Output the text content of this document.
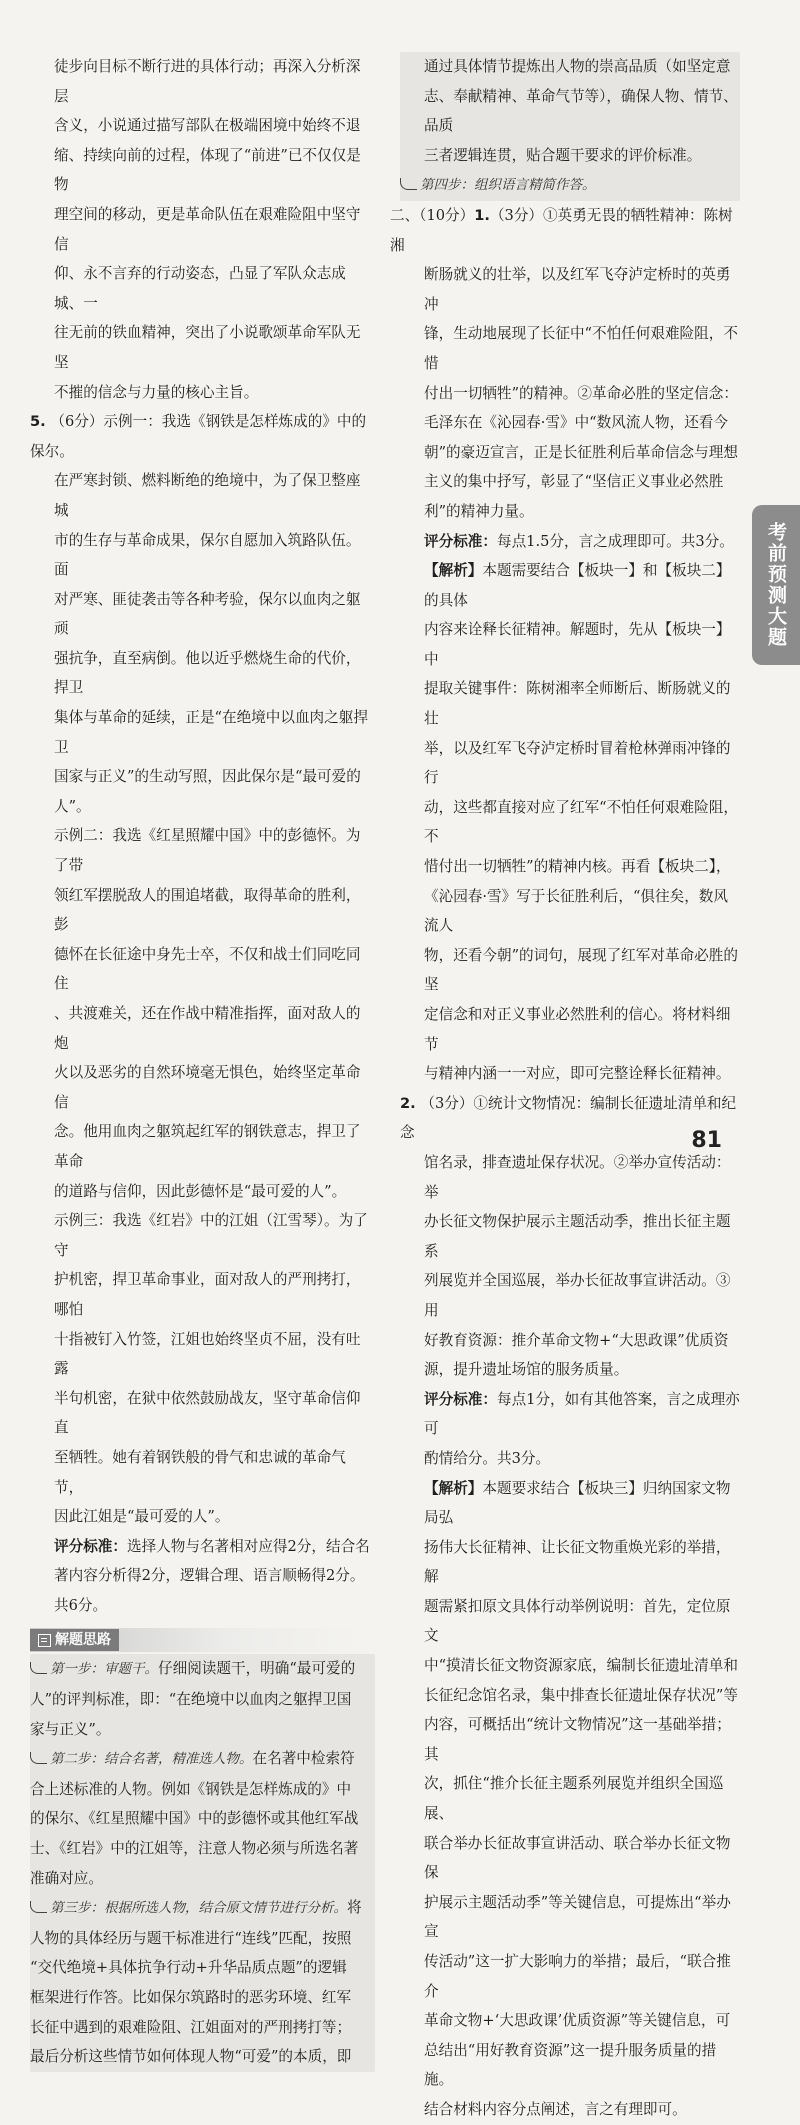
徒步向目标不断行进的具体行动；再深入分析深层
含义，小说通过描写部队在极端困境中始终不退
缩、持续向前的过程，体现了“前进”已不仅仅是物
理空间的移动，更是革命队伍在艰难险阻中坚守信
仰、永不言弃的行动姿态，凸显了军队众志成城、一
往无前的铁血精神，突出了小说歌颂革命军队无坚
不摧的信念与力量的核心主旨。
5. （6分）示例一：我选《钢铁是怎样炼成的》中的保尔。
在严寒封锁、燃料断绝的绝境中，为了保卫整座城
市的生存与革命成果，保尔自愿加入筑路队伍。面
对严寒、匪徒袭击等各种考验，保尔以血肉之躯顽
强抗争，直至病倒。他以近乎燃烧生命的代价，捍卫
集体与革命的延续，正是“在绝境中以血肉之躯捍卫
国家与正义”的生动写照，因此保尔是“最可爱的人”。
示例二：我选《红星照耀中国》中的彭德怀。为了带
领红军摆脱敌人的围追堵截，取得革命的胜利，彭
德怀在长征途中身先士卒，不仅和战士们同吃同住
、共渡难关，还在作战中精准指挥，面对敌人的炮
火以及恶劣的自然环境毫无惧色，始终坚定革命信
念。他用血肉之躯筑起红军的钢铁意志，捍卫了革命
的道路与信仰，因此彭德怀是“最可爱的人”。
示例三：我选《红岩》中的江姐（江雪琴）。为了守
护机密，捍卫革命事业，面对敌人的严刑拷打，哪怕
十指被钉入竹签，江姐也始终坚贞不屈，没有吐露
半句机密，在狱中依然鼓励战友，坚守革命信仰直
至牺牲。她有着钢铁般的骨气和忠诚的革命气节，
因此江姐是“最可爱的人”。
评分标准：选择人物与名著相对应得2分，结合名
著内容分析得2分，逻辑合理、语言顺畅得2分。
共6分。
解题思路
第一步：审题干。仔细阅读题干，明确“最可爱的
人”的评判标准，即：“在绝境中以血肉之躯捍卫国
家与正义”。
第二步：结合名著，精准选人物。在名著中检索符
合上述标准的人物。例如《钢铁是怎样炼成的》中
的保尔、《红星照耀中国》中的彭德怀或其他红军战
士、《红岩》中的江姐等，注意人物必须与所选名著
准确对应。
第三步：根据所选人物，结合原文情节进行分析。将
人物的具体经历与题干标准进行“连线”匹配，按照
“交代绝境+具体抗争行动+升华品质点题”的逻辑
框架进行作答。比如保尔筑路时的恶劣环境、红军
长征中遇到的艰难险阻、江姐面对的严刑拷打等；
最后分析这些情节如何体现人物“可爱”的本质，即
通过具体情节提炼出人物的崇高品质（如坚定意
志、奉献精神、革命气节等），确保人物、情节、品质
三者逻辑连贯，贴合题干要求的评价标准。
第四步：组织语言精简作答。
二、（10分）1.（3分）①英勇无畏的牺牲精神：陈树湘
断肠就义的壮举，以及红军飞夺泸定桥时的英勇冲
锋，生动地展现了长征中“不怕任何艰难险阻，不惜
付出一切牺牲”的精神。②革命必胜的坚定信念：
毛泽东在《沁园春·雪》中“数风流人物，还看今
朝”的豪迈宣言，正是长征胜利后革命信念与理想
主义的集中抒写，彰显了“坚信正义事业必然胜
利”的精神力量。
评分标准：每点1.5分，言之成理即可。共3分。
【解析】本题需要结合【板块一】和【板块二】的具体
内容来诠释长征精神。解题时，先从【板块一】中
提取关键事件：陈树湘率全师断后、断肠就义的壮
举，以及红军飞夺泸定桥时冒着枪林弹雨冲锋的行
动，这些都直接对应了红军“不怕任何艰难险阻，不
惜付出一切牺牲”的精神内核。再看【板块二】，
《沁园春·雪》写于长征胜利后，“俱往矣，数风流人
物，还看今朝”的词句，展现了红军对革命必胜的坚
定信念和对正义事业必然胜利的信心。将材料细节
与精神内涵一一对应，即可完整诠释长征精神。
2. （3分）①统计文物情况：编制长征遗址清单和纪念
馆名录，排查遗址保存状况。②举办宣传活动：举
办长征文物保护展示主题活动季，推出长征主题系
列展览并全国巡展，举办长征故事宣讲活动。③用
好教育资源：推介革命文物+“大思政课”优质资
源，提升遗址场馆的服务质量。
评分标准：每点1分，如有其他答案，言之成理亦可
酌情给分。共3分。
【解析】本题要求结合【板块三】归纳国家文物局弘
扬伟大长征精神、让长征文物重焕光彩的举措，解
题需紧扣原文具体行动举例说明：首先，定位原文
中“摸清长征文物资源家底，编制长征遗址清单和
长征纪念馆名录，集中排查长征遗址保存状况”等
内容，可概括出“统计文物情况”这一基础举措；其
次，抓住“推介长征主题系列展览并组织全国巡展、
联合举办长征故事宣讲活动、联合举办长征文物保
护展示主题活动季”等关键信息，可提炼出“举办宣
传活动”这一扩大影响力的举措；最后，“联合推介
革命文物+‘大思政课’优质资源”等关键信息，可
总结出“用好教育资源”这一提升服务质量的措施。
结合材料内容分点阐述，言之有理即可。
考前预测大题
81
